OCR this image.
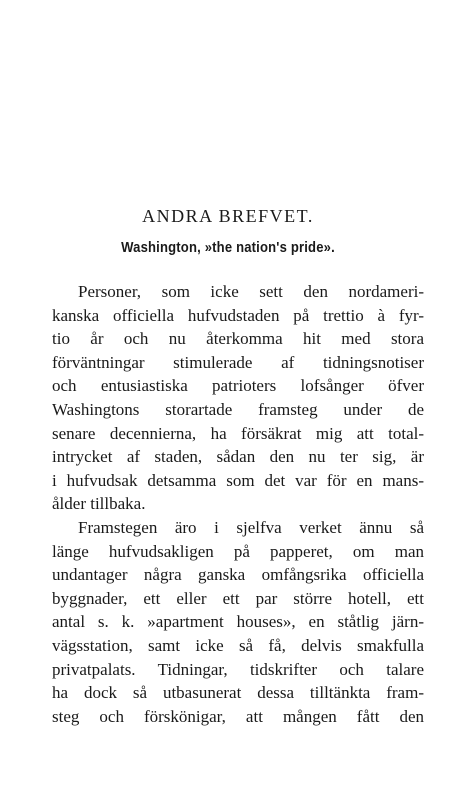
ANDRA BREFVET.
Washington, »the nation's pride».

Personer, som icke sett den nordameri-
kanska officiella hufvudstaden på trettio à fyr-
tio år och nu återkomma hit med stora
förväntningar stimulerade af tidningsnotiser
och entusiastiska patrioters lofsånger öfver
Washingtons storartade framsteg under de
senare decennierna, ha försäkrat mig att total-
intrycket af staden, sådan den nu ter sig, är
i hufvudsak detsamma som det var för en mans-
ålder tillbaka.

Framstegen äro i sjelfva verket ännu så
länge hufvudsakligen på papperet, om man
undantager några ganska omfångsrika officiella
byggnader, ett eller ett par större hotell, ett
antal s. k. »apartment houses», en ståtlig järn-
vägsstation, samt icke så få, delvis smakfulla
privatpalats. Tidningar, tidskrifter och talare
ha dock så utbasunerat dessa tilltänkta fram-
steg och förskönigar, att mången fått den
